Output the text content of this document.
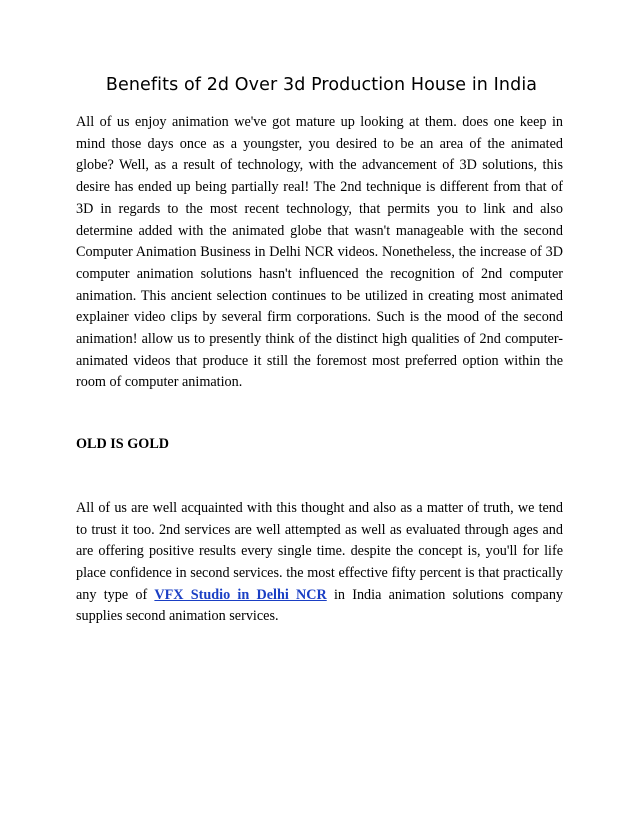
Benefits of 2d Over 3d Production House in India

All of us enjoy animation we've got mature up looking at them. does one keep in mind those days once as a youngster, you desired to be an area of the animated globe? Well, as a result of technology, with the advancement of 3D solutions, this desire has ended up being partially real! The 2nd technique is different from that of 3D in regards to the most recent technology, that permits you to link and also determine added with the animated globe that wasn't manageable with the second Computer Animation Business in Delhi NCR videos. Nonetheless, the increase of 3D computer animation solutions hasn't influenced the recognition of 2nd computer animation. This ancient selection continues to be utilized in creating most animated explainer video clips by several firm corporations. Such is the mood of the second animation! allow us to presently think of the distinct high qualities of 2nd computer-animated videos that produce it still the foremost most preferred option within the room of computer animation.

OLD IS GOLD

All of us are well acquainted with this thought and also as a matter of truth, we tend to trust it too. 2nd services are well attempted as well as evaluated through ages and are offering positive results every single time. despite the concept is, you'll for life place confidence in second services. the most effective fifty percent is that practically any type of VFX Studio in Delhi NCR in India animation solutions company supplies second animation services.
